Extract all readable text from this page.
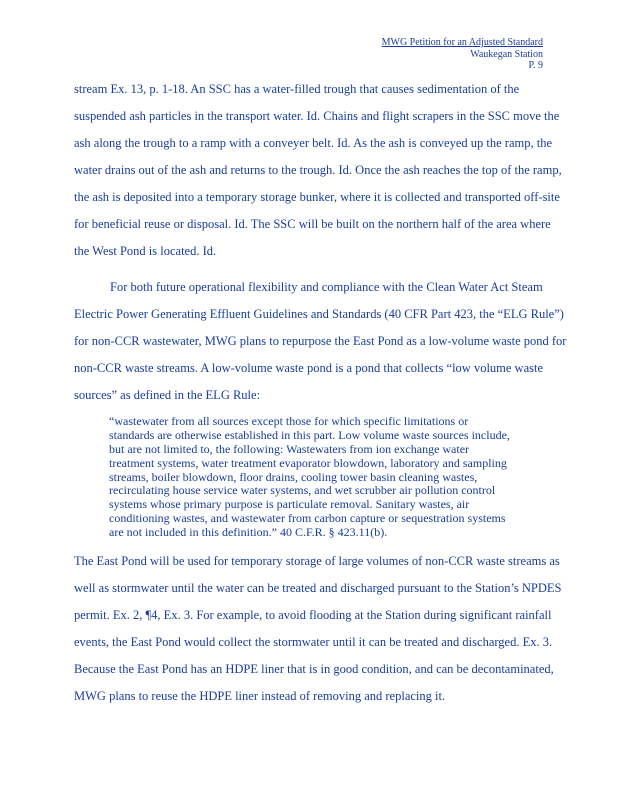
MWG Petition for an Adjusted Standard
Waukegan Station
P. 9
stream Ex. 13, p. 1-18. An SSC has a water-filled trough that causes sedimentation of the
suspended ash particles in the transport water. Id. Chains and flight scrapers in the SSC move the
ash along the trough to a ramp with a conveyer belt. Id. As the ash is conveyed up the ramp, the
water drains out of the ash and returns to the trough. Id. Once the ash reaches the top of the ramp,
the ash is deposited into a temporary storage bunker, where it is collected and transported off-site
for beneficial reuse or disposal. Id. The SSC will be built on the northern half of the area where
the West Pond is located. Id.
For both future operational flexibility and compliance with the Clean Water Act Steam
Electric Power Generating Effluent Guidelines and Standards (40 CFR Part 423, the “ELG Rule”)
for non-CCR wastewater, MWG plans to repurpose the East Pond as a low-volume waste pond for
non-CCR waste streams. A low-volume waste pond is a pond that collects “low volume waste
sources” as defined in the ELG Rule:
“wastewater from all sources except those for which specific limitations or
standards are otherwise established in this part. Low volume waste sources include,
but are not limited to, the following: Wastewaters from ion exchange water
treatment systems, water treatment evaporator blowdown, laboratory and sampling
streams, boiler blowdown, floor drains, cooling tower basin cleaning wastes,
recirculating house service water systems, and wet scrubber air pollution control
systems whose primary purpose is particulate removal. Sanitary wastes, air
conditioning wastes, and wastewater from carbon capture or sequestration systems
are not included in this definition.” 40 C.F.R. § 423.11(b).
The East Pond will be used for temporary storage of large volumes of non-CCR waste streams as
well as stormwater until the water can be treated and discharged pursuant to the Station’s NPDES
permit. Ex. 2, ¶4, Ex. 3. For example, to avoid flooding at the Station during significant rainfall
events, the East Pond would collect the stormwater until it can be treated and discharged. Ex. 3.
Because the East Pond has an HDPE liner that is in good condition, and can be decontaminated,
MWG plans to reuse the HDPE liner instead of removing and replacing it.
